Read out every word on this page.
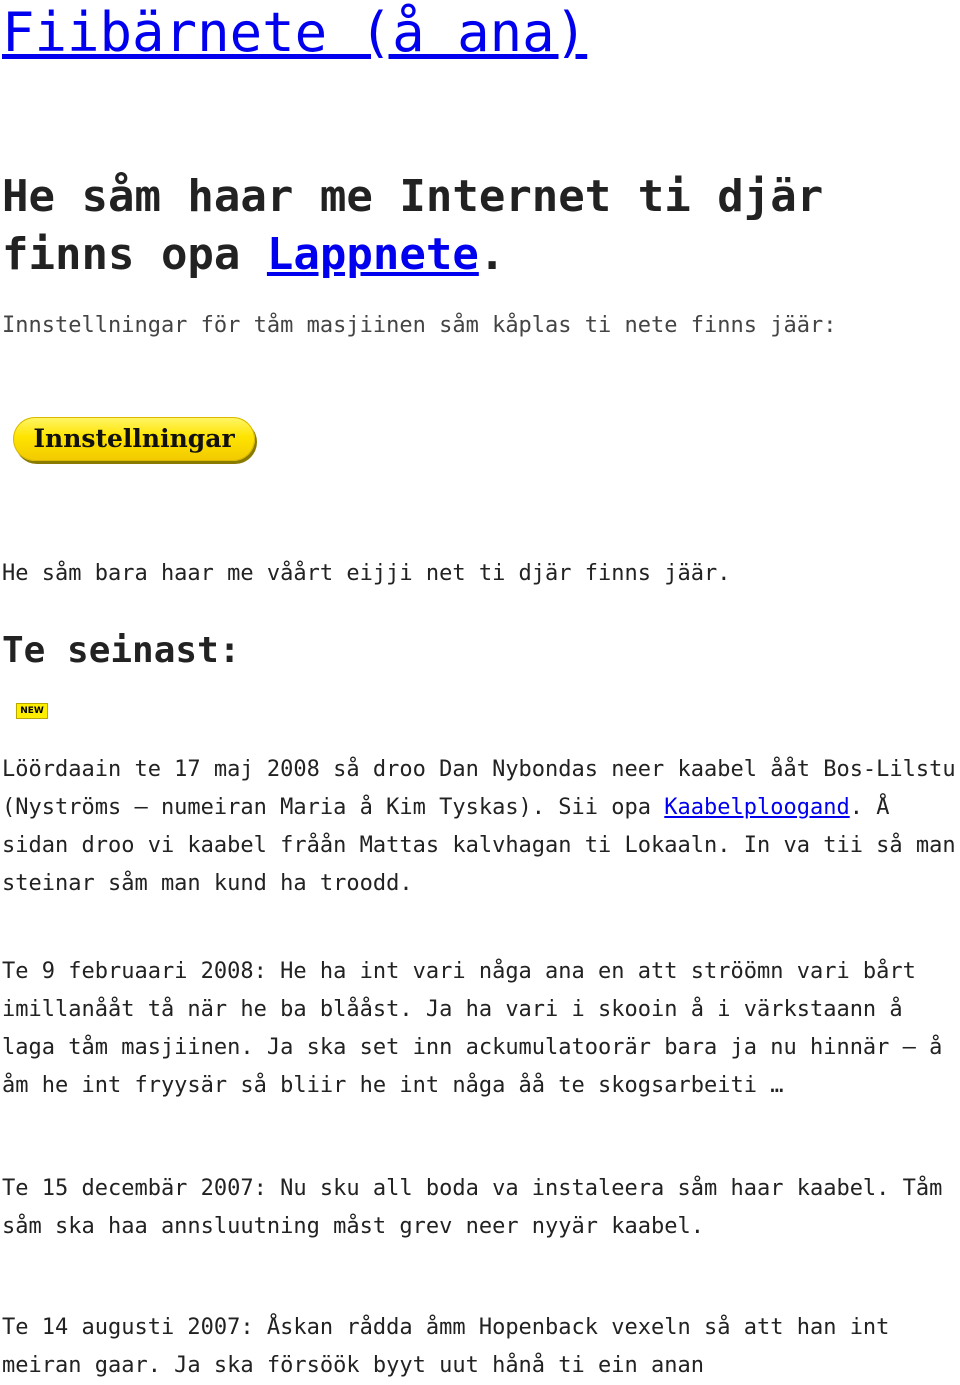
Fiibärnete (å ana)
He såm haar me Internet ti djär finns opa Lappnete.

Innstellningar för tåm masjiinen såm kåplas ti nete finns jäär:

Innstellningar

He såm bara haar me våårt eijji net ti djär finns jäär.

Te seinast:
NEW

Löördaain te 17 maj 2008 så droo Dan Nybondas neer kaabel ååt Bos-Lilstu (Nyströms – numeiran Maria å Kim Tyskas). Sii opa Kaabelploogand. Å sidan droo vi kaabel fråån Mattas kalvhagan ti Lokaaln. In va tii så man steinar såm man kund ha troodd.

Te 9 februaari 2008: He ha int vari någa ana en att ströömn vari bårt imillanååt tå när he ba blååst. Ja ha vari i skooin å i värkstaann å laga tåm masjiinen. Ja ska set inn ackumulatoorär bara ja nu hinnär – å åm he int fryysär så bliir he int någa åå te skogsarbeiti …

Te 15 decembär 2007: Nu sku all boda va instaleera såm haar kaabel. Tåm såm ska haa annsluutning måst grev neer nyyär kaabel.

Te 14 augusti 2007: Åskan rådda åmm Hopenback vexeln så att han int meiran gaar. Ja ska försöök byyt uut hånå ti ein anan
